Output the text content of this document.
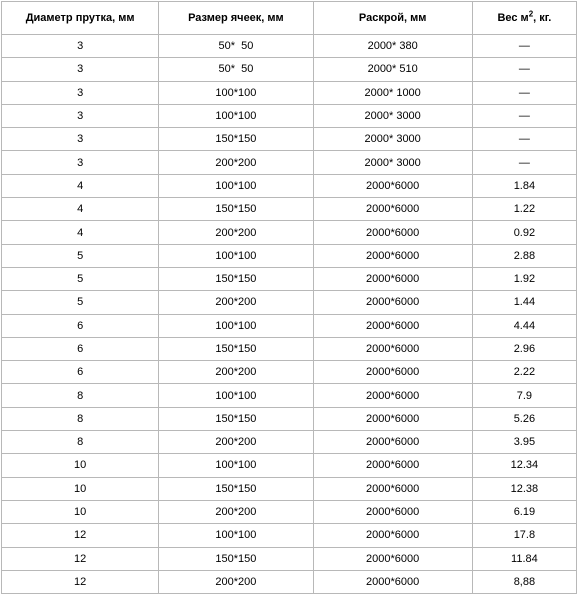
Диаметр прутка, мм	Размер ячеек, мм	Раскрой, мм	Вес $м^2$, кг.
3	50*  50	2000* 380	—
3	50*  50	2000* 510	—
3	100*100	2000* 1000	—
3	100*100	2000* 3000	—
3	150*150	2000* 3000	—
3	200*200	2000* 3000	—
4	100*100	2000*6000	1.84
4	150*150	2000*6000	1.22
4	200*200	2000*6000	0.92
5	100*100	2000*6000	2.88
5	150*150	2000*6000	1.92
5	200*200	2000*6000	1.44
6	100*100	2000*6000	4.44
6	150*150	2000*6000	2.96
6	200*200	2000*6000	2.22
8	100*100	2000*6000	7.9
8	150*150	2000*6000	5.26
8	200*200	2000*6000	3.95
10	100*100	2000*6000	12.34
10	150*150	2000*6000	12.38
10	200*200	2000*6000	6.19
12	100*100	2000*6000	17.8
12	150*150	2000*6000	11.84
12	200*200	2000*6000	8,88
